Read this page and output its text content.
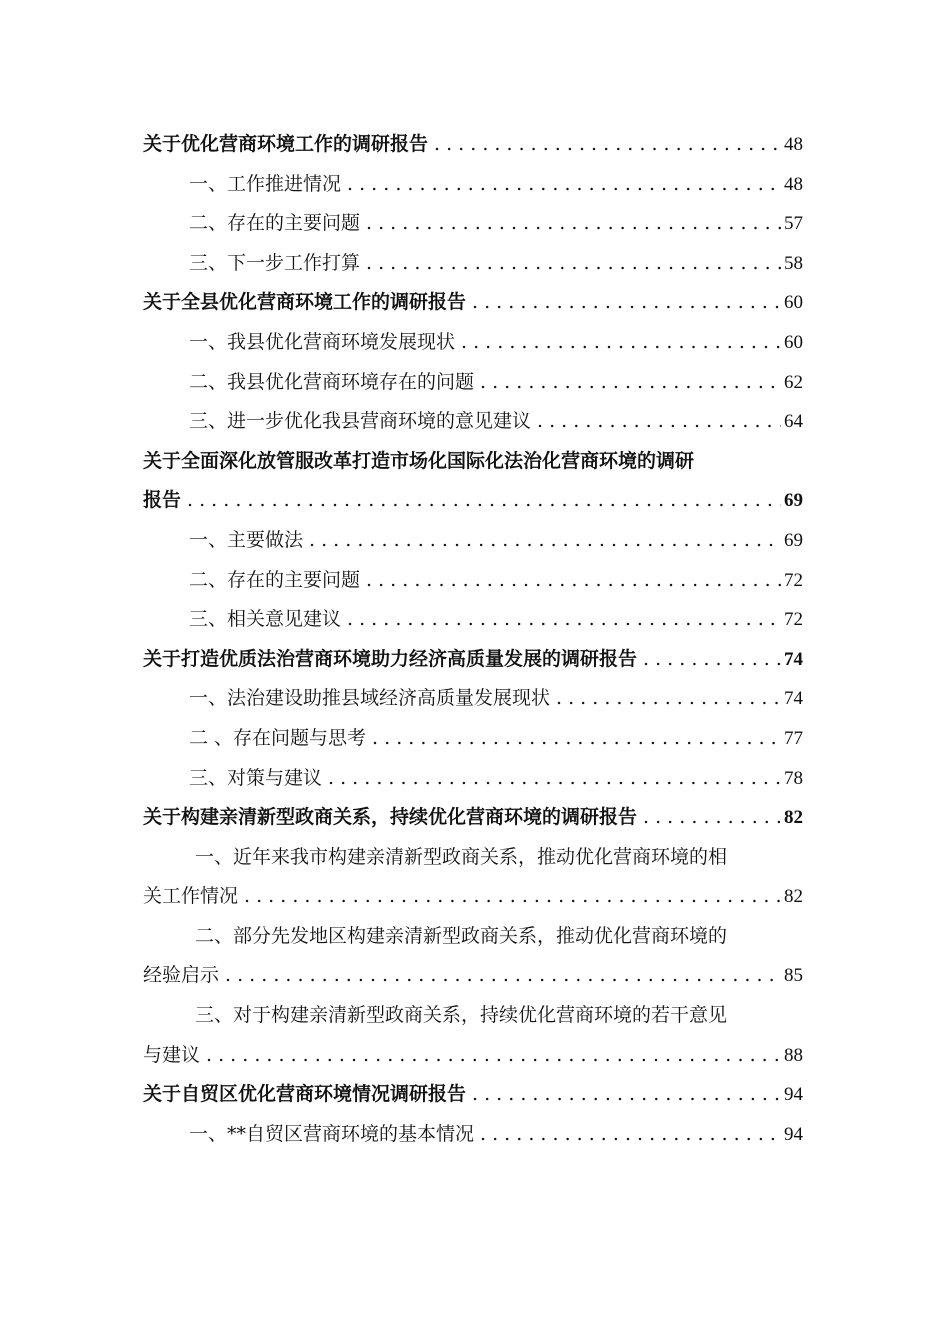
关于优化营商环境工作的调研报告 . . .	48
一、工作推进情况 . . .	48
二、存在的主要问题 . . .	57
三、下一步工作打算 . . .	58
关于全县优化营商环境工作的调研报告 . . .	60
一、我县优化营商环境发展现状 . . .	60
二、我县优化营商环境存在的问题 . . .	62
三、进一步优化我县营商环境的意见建议 . . .	64
关于全面深化放管服改革打造市场化国际化法治化营商环境的调研
报告 . . .	69
一、主要做法 . . .	69
二、存在的主要问题 . . .	72
三、相关意见建议 . . .	72
关于打造优质法治营商环境助力经济高质量发展的调研报告 . . .	74
一、法治建设助推县域经济高质量发展现状 . . .	74
二 、存在问题与思考 . . .	77
三、对策与建议 . . .	78
关于构建亲清新型政商关系，持续优化营商环境的调研报告 . . .	82
一、近年来我市构建亲清新型政商关系，推动优化营商环境的相
关工作情况 . . .	82
二、部分先发地区构建亲清新型政商关系，推动优化营商环境的
经验启示 . . .	85
三、对于构建亲清新型政商关系，持续优化营商环境的若干意见
与建议 . . .	88
关于自贸区优化营商环境情况调研报告 . . .	94
一、**自贸区营商环境的基本情况 . . .	94
